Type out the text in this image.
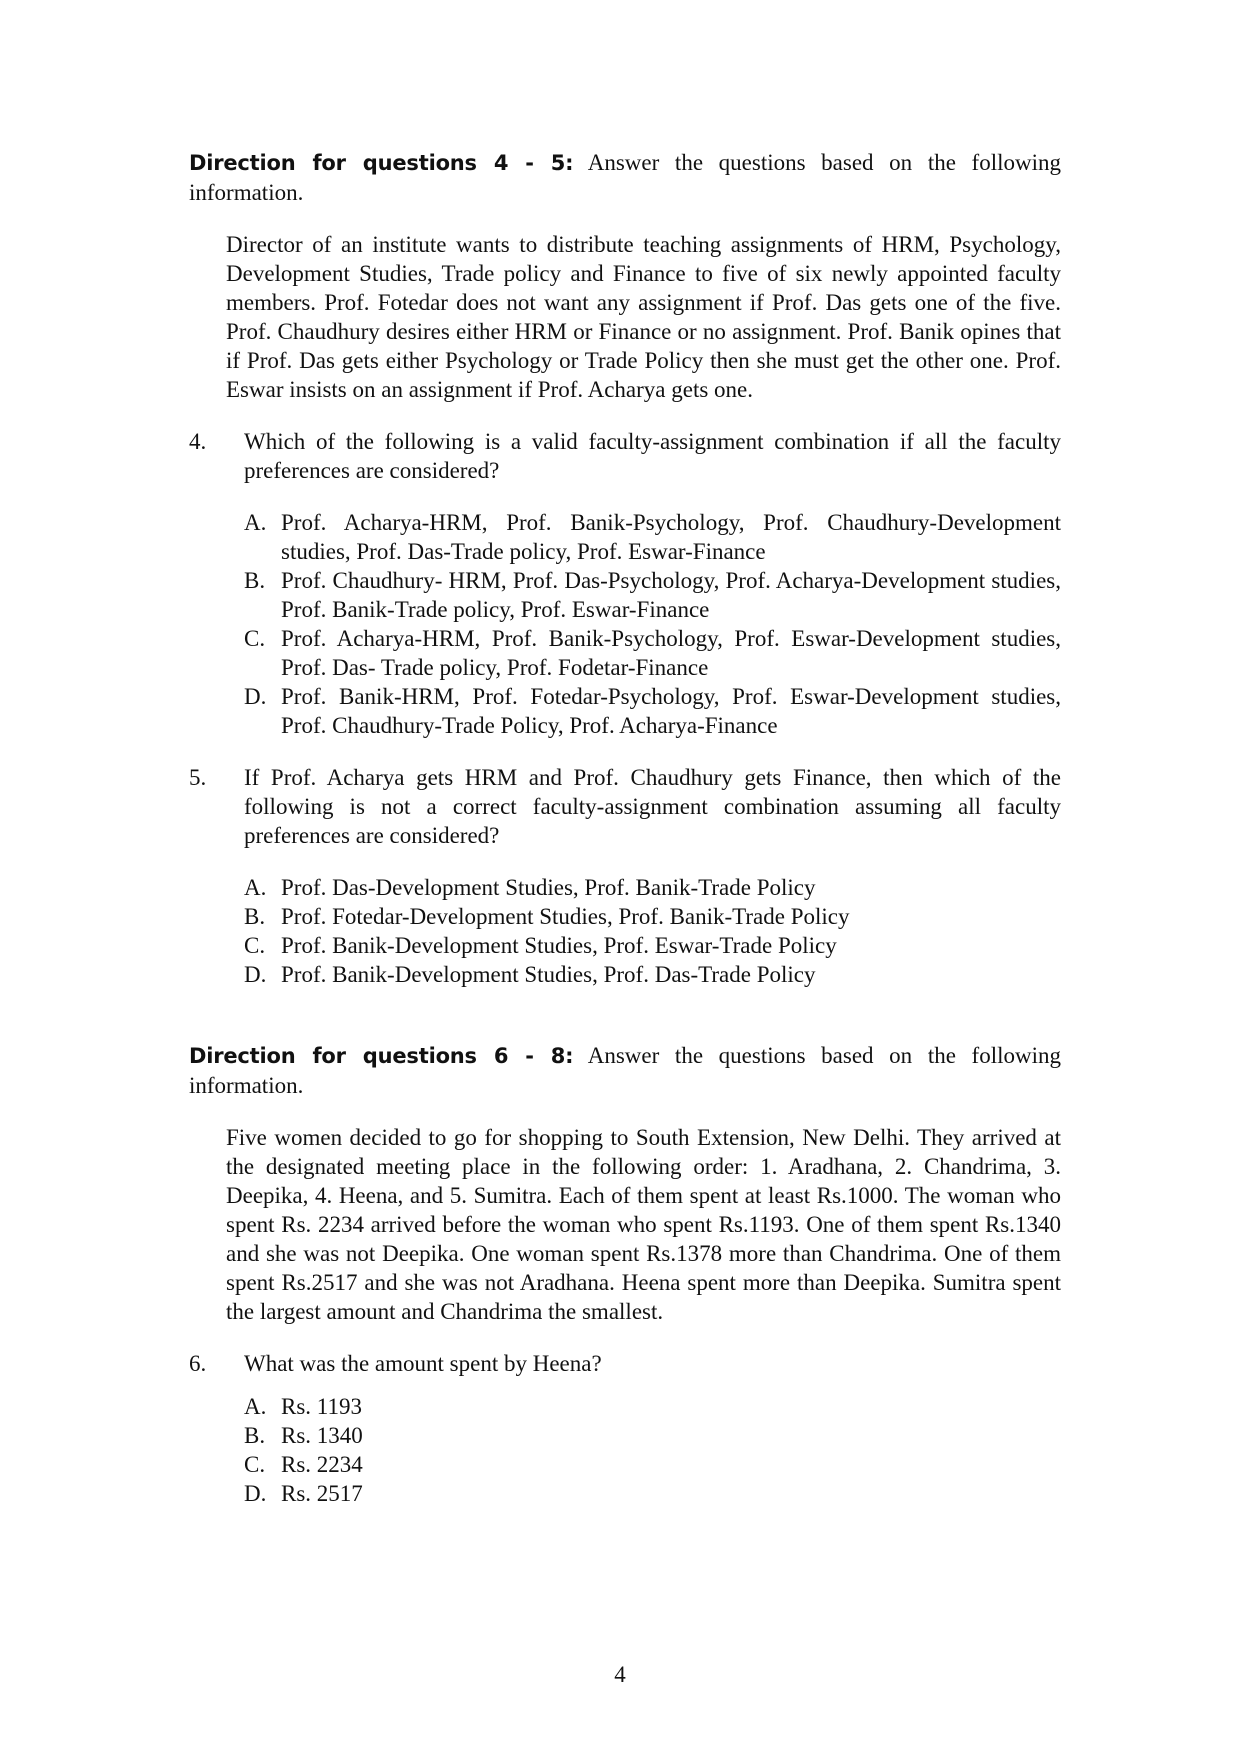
Direction for questions 4 - 5: Answer the questions based on the following information.
Director of an institute wants to distribute teaching assignments of HRM, Psychology, Development Studies, Trade policy and Finance to five of six newly appointed faculty members. Prof. Fotedar does not want any assignment if Prof. Das gets one of the five. Prof. Chaudhury desires either HRM or Finance or no assignment. Prof. Banik opines that if Prof. Das gets either Psychology or Trade Policy then she must get the other one. Prof. Eswar insists on an assignment if Prof. Acharya gets one.
4. Which of the following is a valid faculty-assignment combination if all the faculty preferences are considered?
A. Prof. Acharya-HRM, Prof. Banik-Psychology, Prof. Chaudhury-Development studies, Prof. Das-Trade policy, Prof. Eswar-Finance
B. Prof. Chaudhury- HRM, Prof. Das-Psychology, Prof. Acharya-Development studies, Prof. Banik-Trade policy, Prof. Eswar-Finance
C. Prof. Acharya-HRM, Prof. Banik-Psychology, Prof. Eswar-Development studies, Prof. Das- Trade policy, Prof. Fodetar-Finance
D. Prof. Banik-HRM, Prof. Fotedar-Psychology, Prof. Eswar-Development studies, Prof. Chaudhury-Trade Policy, Prof. Acharya-Finance
5. If Prof. Acharya gets HRM and Prof. Chaudhury gets Finance, then which of the following is not a correct faculty-assignment combination assuming all faculty preferences are considered?
A. Prof. Das-Development Studies, Prof. Banik-Trade Policy
B. Prof. Fotedar-Development Studies, Prof. Banik-Trade Policy
C. Prof. Banik-Development Studies, Prof. Eswar-Trade Policy
D. Prof. Banik-Development Studies, Prof. Das-Trade Policy
Direction for questions 6 - 8: Answer the questions based on the following information.
Five women decided to go for shopping to South Extension, New Delhi. They arrived at the designated meeting place in the following order: 1. Aradhana, 2. Chandrima, 3. Deepika, 4. Heena, and 5. Sumitra. Each of them spent at least Rs.1000. The woman who spent Rs. 2234 arrived before the woman who spent Rs.1193. One of them spent Rs.1340 and she was not Deepika. One woman spent Rs.1378 more than Chandrima. One of them spent Rs.2517 and she was not Aradhana. Heena spent more than Deepika. Sumitra spent the largest amount and Chandrima the smallest.
6. What was the amount spent by Heena?
A. Rs. 1193
B. Rs. 1340
C. Rs. 2234
D. Rs. 2517
4
